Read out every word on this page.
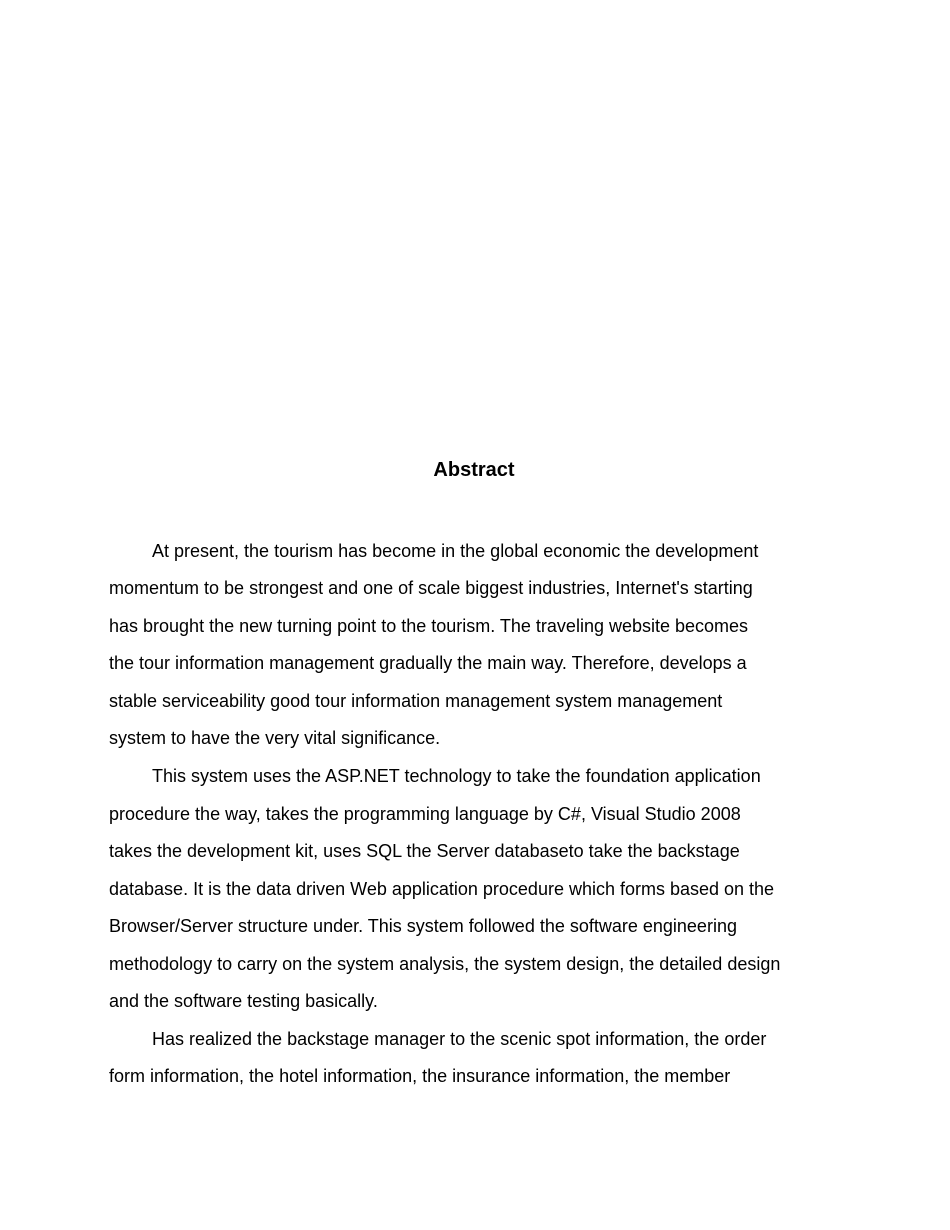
Abstract
At present, the tourism has become in the global economic the development
momentum to be strongest and one of scale biggest industries, Internet's starting
has brought the new turning point to the tourism. The traveling website becomes
the tour information management gradually the main way. Therefore, develops a
stable serviceability good tour information management system management
system to have the very vital significance.
This system uses the ASP.NET technology to take the foundation application
procedure the way, takes the programming language by C#, Visual Studio 2008
takes the development kit, uses SQL the Server databaseto take the backstage
database. It is the data driven Web application procedure which forms based on the
Browser/Server structure under. This system followed the software engineering
methodology to carry on the system analysis, the system design, the detailed design
and the software testing basically.
Has realized the backstage manager to the scenic spot information, the order
form information, the hotel information, the insurance information, the member
